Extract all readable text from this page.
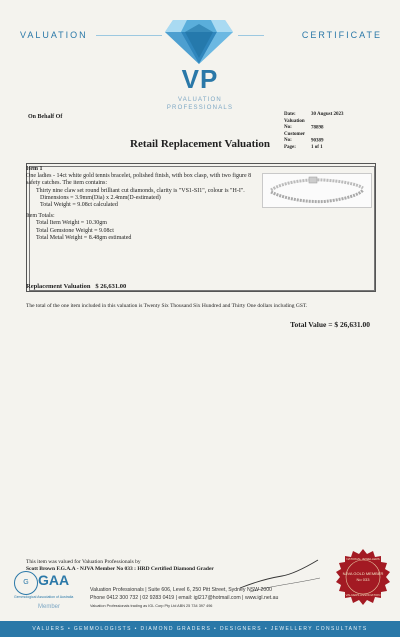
VALUATION	CERTIFICATE
VP
VALUATION
PROFESSIONALS
On Behalf Of	Date:	30 August 2023
Valuation No:	78898
Customer No:	90389
Page:	1 of 1
Retail Replacement Valuation
Item 1
One ladies - 14ct white gold tennis bracelet, polished finish, with box clasp, with two figure 8 safety catches. The item contains:
Thirty nine claw set round brilliant cut diamonds, clarity is "VS1-SI1", colour is "H-I".
Dimensions = 3.9mm(Dia) x 2.4mm(D-estimated)
Total Weight = 9.08ct calculated
Item Totals:
Total Item Weight = 10.30gm
Total Gemstone Weight = 9.08ct
Total Metal Weight = 8.48gm estimated
Replacement Valuation $ 26,631.00
The total of the one item included in this valuation is Twenty Six Thousand Six Hundred and Thirty One dollars including GST.
Total Value = $ 26,631.00
This item was valued for Valuation Professionals by
Scott Brown F.G.A.A - NJVA Member No 033 : HRD Certified Diamond Grader
G GAA
Gemmological Association of Australia
Member
Valuation Professionals | Suite 606, Level 6, 250 Pitt Street, Sydney NSW 2000
Phone 0412 300 732 | 02 9283 0419 | email: igl217@hotmail.com | www.igl.net.au
Valuation Professionals trading as IGL Corp Pty Ltd ABN 25 734 397 496
NJVA GOLD MEMBER
No 033
NATIONAL JEWELLERS
VALUERS ASSOCIATION
VALUERS • GEMMOLOGISTS • DIAMOND GRADERS • DESIGNERS • JEWELLERY CONSULTANTS
